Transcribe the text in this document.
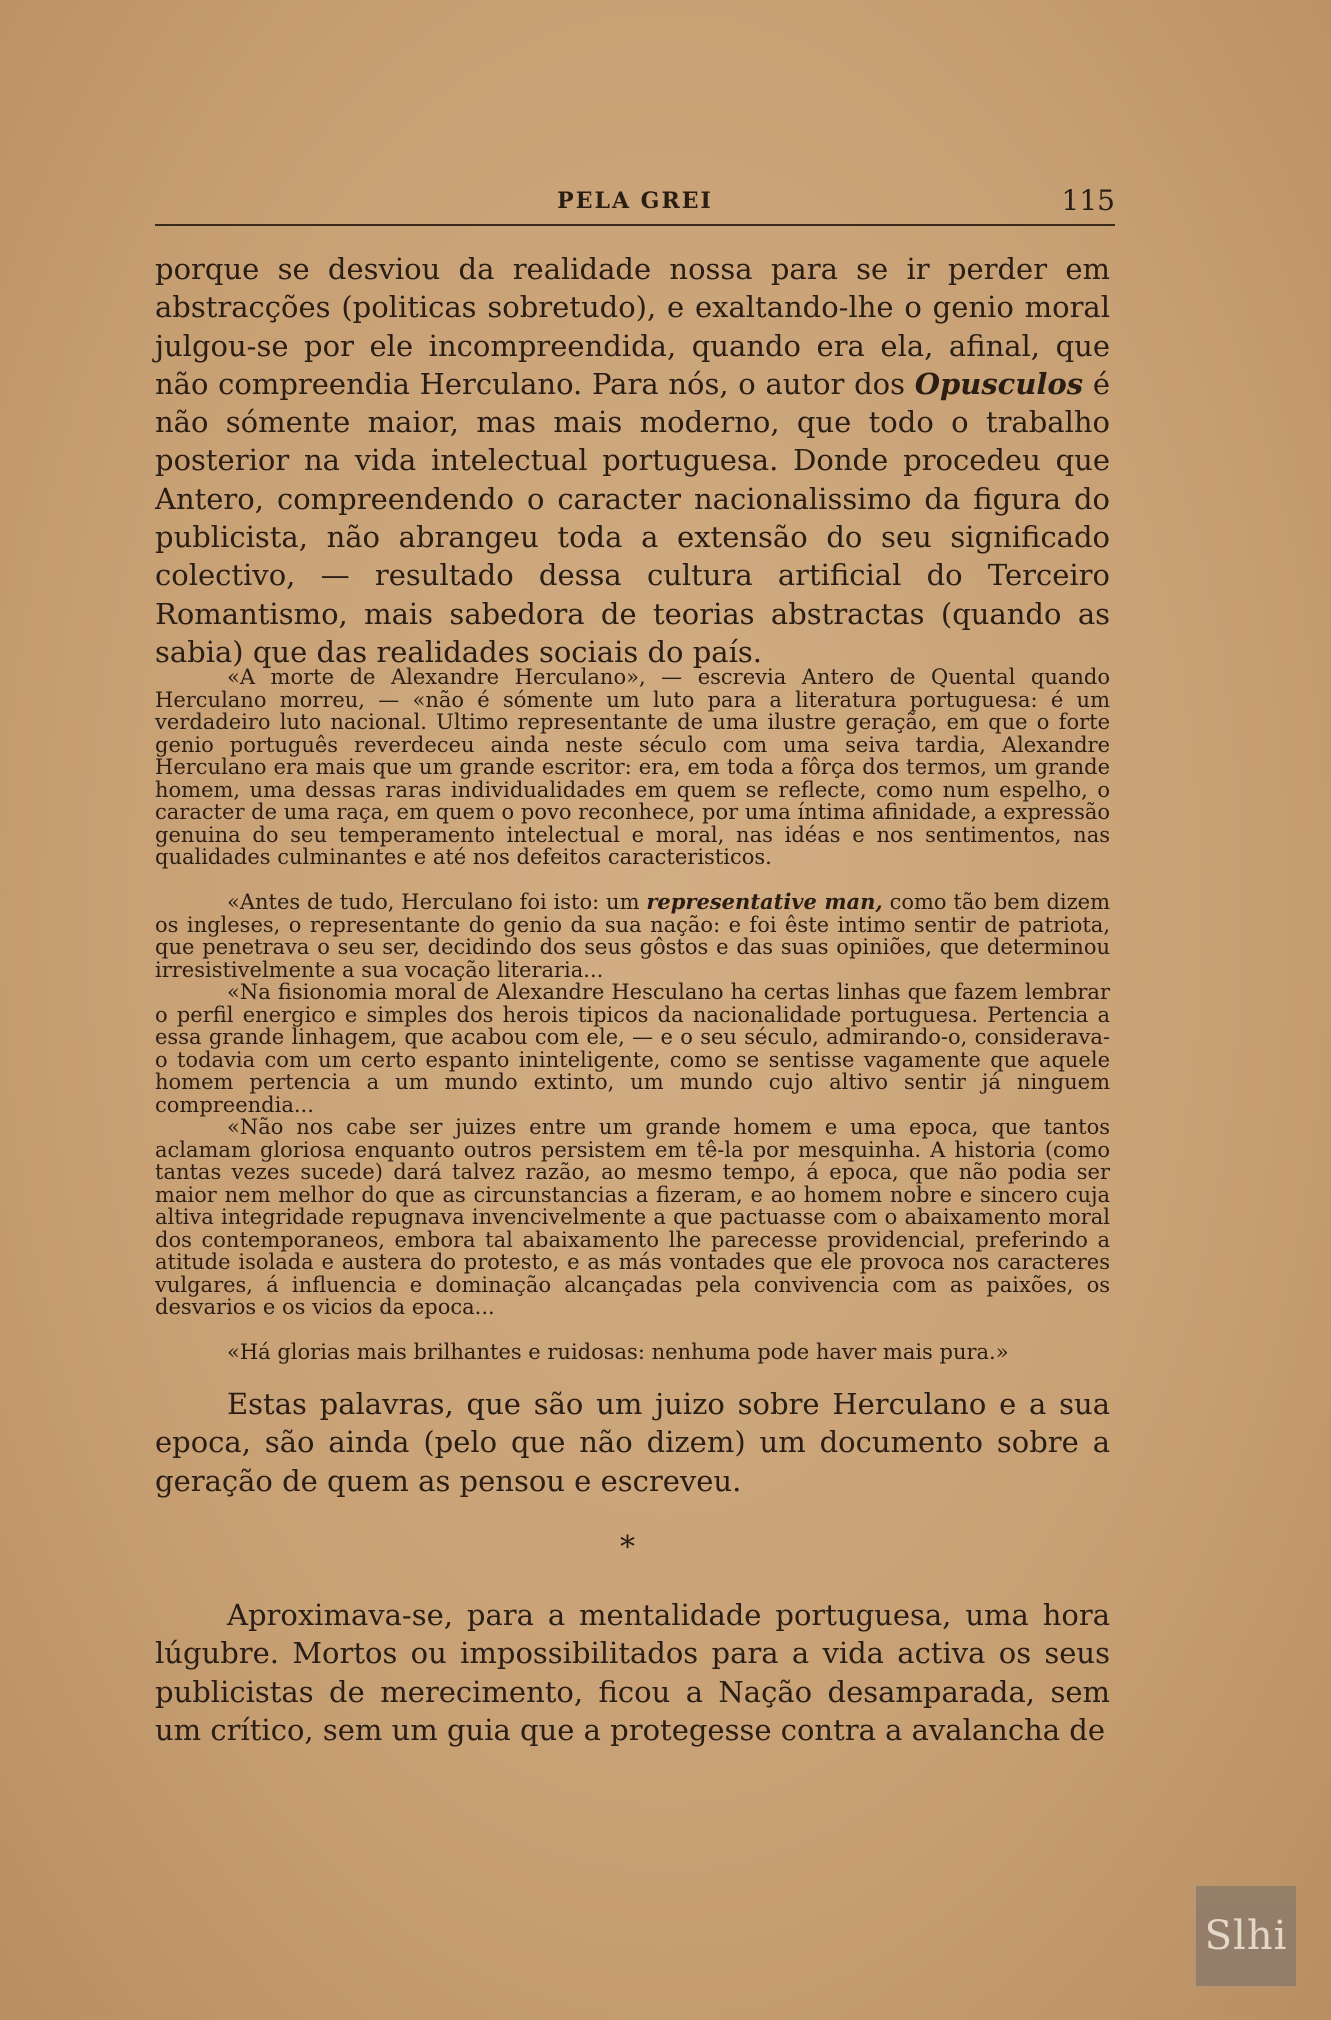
PELA GREI	115
porque se desviou da realidade nossa para se ir perder em abstracções (politicas sobretudo), e exaltando-lhe o genio moral julgou-se por ele incompreendida, quando era ela, afinal, que não compreendia Herculano. Para nós, o autor dos Opusculos é não sómente maior, mas mais moderno, que todo o trabalho posterior na vida intelectual portuguesa. Donde procedeu que Antero, compreendendo o caracter nacionalissimo da figura do publicista, não abrangeu toda a extensão do seu significado colectivo, — resultado dessa cultura artificial do Terceiro Romantismo, mais sabedora de teorias abstractas (quando as sabia) que das realidades sociais do país.
«A morte de Alexandre Herculano», — escrevia Antero de Quental quando Herculano morreu, — «não é sómente um luto para a literatura portuguesa: é um verdadeiro luto nacional. Ultimo representante de uma ilustre geração, em que o forte genio português reverdeceu ainda neste século com uma seiva tardia, Alexandre Herculano era mais que um grande escritor: era, em toda a fôrça dos termos, um grande homem, uma dessas raras individualidades em quem se reflecte, como num espelho, o caracter de uma raça, em quem o povo reconhece, por uma íntima afinidade, a expressão genuina do seu temperamento intelectual e moral, nas idéas e nos sentimentos, nas qualidades culminantes e até nos defeitos caracteristicos.
«Antes de tudo, Herculano foi isto: um representative man, como tão bem dizem os ingleses, o representante do genio da sua nação: e foi êste intimo sentir de patriota, que penetrava o seu ser, decidindo dos seus gôstos e das suas opiniões, que determinou irresistivelmente a sua vocação literaria...
«Na fisionomia moral de Alexandre Hesculano ha certas linhas que fazem lembrar o perfil energico e simples dos herois tipicos da nacionalidade portuguesa. Pertencia a essa grande linhagem, que acabou com ele, — e o seu século, admirando-o, considerava-o todavia com um certo espanto ininteligente, como se sentisse vagamente que aquele homem pertencia a um mundo extinto, um mundo cujo altivo sentir já ninguem compreendia...
«Não nos cabe ser juizes entre um grande homem e uma epoca, que tantos aclamam gloriosa enquanto outros persistem em tê-la por mesquinha. A historia (como tantas vezes sucede) dará talvez razão, ao mesmo tempo, á epoca, que não podia ser maior nem melhor do que as circunstancias a fizeram, e ao homem nobre e sincero cuja altiva integridade repugnava invencivelmente a que pactuasse com o abaixamento moral dos contemporaneos, embora tal abaixamento lhe parecesse providencial, preferindo a atitude isolada e austera do protesto, e as más vontades que ele provoca nos caracteres vulgares, á influencia e dominação alcançadas pela convivencia com as paixões, os desvarios e os vicios da epoca...
«Há glorias mais brilhantes e ruidosas: nenhuma pode haver mais pura.»
Estas palavras, que são um juizo sobre Herculano e a sua epoca, são ainda (pelo que não dizem) um documento sobre a geração de quem as pensou e escreveu.
*
Aproximava-se, para a mentalidade portuguesa, uma hora lúgubre. Mortos ou impossibilitados para a vida activa os seus publicistas de merecimento, ficou a Nação desamparada, sem um crítico, sem um guia que a protegesse contra a avalancha de
Slhi
